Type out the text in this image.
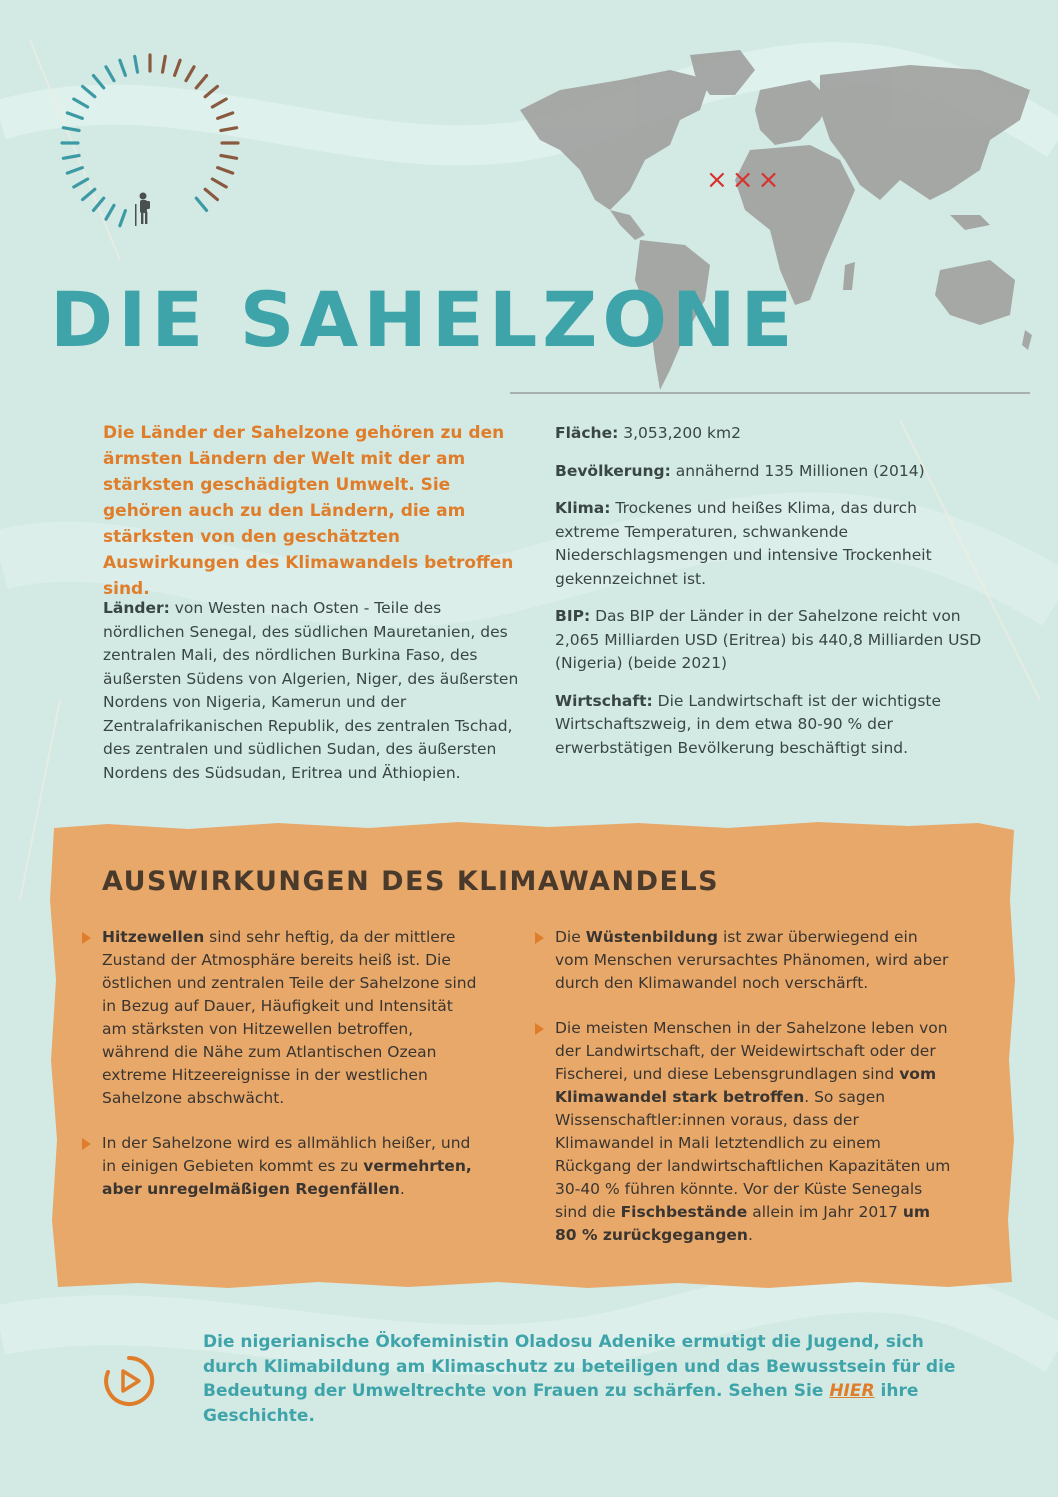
×××
DIE SAHELZONE

Die Länder der Sahelzone gehören zu den ärmsten Ländern der Welt mit der am stärksten geschädigten Umwelt. Sie gehören auch zu den Ländern, die am stärksten von den geschätzten Auswirkungen des Klimawandels betroffen sind.

Länder: von Westen nach Osten - Teile des nördlichen Senegal, des südlichen Mauretanien, des zentralen Mali, des nördlichen Burkina Faso, des äußersten Südens von Algerien, Niger, des äußersten Nordens von Nigeria, Kamerun und der Zentralafrikanischen Republik, des zentralen Tschad, des zentralen und südlichen Sudan, des äußersten Nordens des Südsudan, Eritrea und Äthiopien.

Fläche: 3,053,200 km2

Bevölkerung: annähernd 135 Millionen (2014)

Klima: Trockenes und heißes Klima, das durch extreme Temperaturen, schwankende Niederschlagsmengen und intensive Trockenheit gekennzeichnet ist.

BIP: Das BIP der Länder in der Sahelzone reicht von 2,065 Milliarden USD (Eritrea) bis 440,8 Milliarden USD (Nigeria) (beide 2021)

Wirtschaft: Die Landwirtschaft ist der wichtigste Wirtschaftszweig, in dem etwa 80-90 % der erwerbstätigen Bevölkerung beschäftigt sind.

AUSWIRKUNGEN DES KLIMAWANDELS

Hitzewellen sind sehr heftig, da der mittlere Zustand der Atmosphäre bereits heiß ist. Die östlichen und zentralen Teile der Sahelzone sind in Bezug auf Dauer, Häufigkeit und Intensität am stärksten von Hitzewellen betroffen, während die Nähe zum Atlantischen Ozean extreme Hitzeereignisse in der westlichen Sahelzone abschwächt.

In der Sahelzone wird es allmählich heißer, und in einigen Gebieten kommt es zu vermehrten, aber unregelmäßigen Regenfällen.

Die Wüstenbildung ist zwar überwiegend ein vom Menschen verursachtes Phänomen, wird aber durch den Klimawandel noch verschärft.

Die meisten Menschen in der Sahelzone leben von der Landwirtschaft, der Weidewirtschaft oder der Fischerei, und diese Lebensgrundlagen sind vom Klimawandel stark betroffen. So sagen Wissenschaftler:innen voraus, dass der Klimawandel in Mali letztendlich zu einem Rückgang der landwirtschaftlichen Kapazitäten um 30-40 % führen könnte. Vor der Küste Senegals sind die Fischbestände allein im Jahr 2017 um 80 % zurückgegangen.

Die nigerianische Ökofeministin Oladosu Adenike ermutigt die Jugend, sich durch Klimabildung am Klimaschutz zu beteiligen und das Bewusstsein für die Bedeutung der Umweltrechte von Frauen zu schärfen. Sehen Sie HIER ihre Geschichte.
